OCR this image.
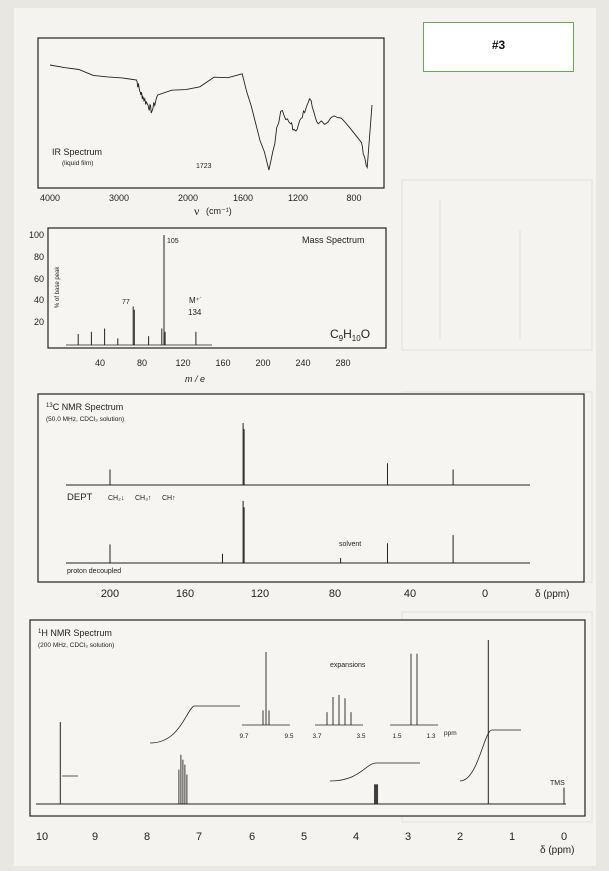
IR Spectrum
(liquid film)	1723
4000	3000	2000	1600	1200	800
ν (cm⁻¹)
Mass Spectrum
100
80
60
40
20
% of base peak
105
77	M⁺˙
134
$C_9H_{10}O$
40	80	120	160	200	240	280
m / e
$^{13}$C NMR Spectrum
(50.0 MHz, CDCl₃ solution)
DEPT CH₂↓ CH₃↑ CH↑
solvent
proton decoupled
200	160	120	80	40	0	δ (ppm)
$^1$H NMR Spectrum
(200 MHz, CDCl₃ solution)
expansions
9.7	9.5	3.7	3.5	1.5	1.3 ppm
TMS
10	9	8	7	6	5	4	3	2	1	0
δ (ppm)
#3
